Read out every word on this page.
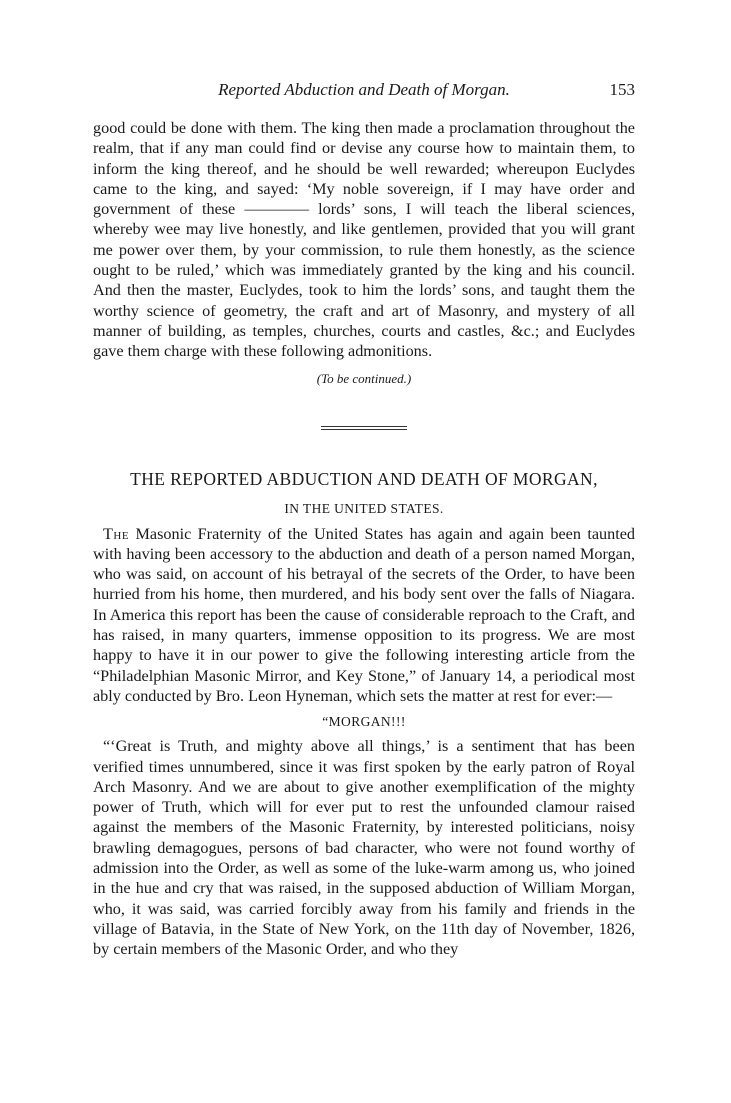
Reported Abduction and Death of Morgan.	153

good could be done with them. The king then made a proclamation throughout the realm, that if any man could find or devise any course how to maintain them, to inform the king thereof, and he should be well rewarded; whereupon Euclydes came to the king, and sayed: ‘My noble sovereign, if I may have order and government of these ———— lords’ sons, I will teach the liberal sciences, whereby wee may live honestly, and like gentlemen, provided that you will grant me power over them, by your commission, to rule them honestly, as the science ought to be ruled,’ which was immediately granted by the king and his council. And then the master, Euclydes, took to him the lords’ sons, and taught them the worthy science of geometry, the craft and art of Masonry, and mystery of all manner of building, as temples, churches, courts and castles, &c.; and Euclydes gave them charge with these following admonitions.

(To be continued.)
THE REPORTED ABDUCTION AND DEATH OF MORGAN,
IN THE UNITED STATES.

The Masonic Fraternity of the United States has again and again been taunted with having been accessory to the abduction and death of a person named Morgan, who was said, on account of his betrayal of the secrets of the Order, to have been hurried from his home, then murdered, and his body sent over the falls of Niagara. In America this report has been the cause of considerable reproach to the Craft, and has raised, in many quarters, immense opposition to its progress. We are most happy to have it in our power to give the following interesting article from the “Philadelphian Masonic Mirror, and Key Stone,” of January 14, a periodical most ably conducted by Bro. Leon Hyneman, which sets the matter at rest for ever:—

“MORGAN!!!

“‘Great is Truth, and mighty above all things,’ is a sentiment that has been verified times unnumbered, since it was first spoken by the early patron of Royal Arch Masonry. And we are about to give another exemplification of the mighty power of Truth, which will for ever put to rest the unfounded clamour raised against the members of the Masonic Fraternity, by interested politicians, noisy brawling demagogues, persons of bad character, who were not found worthy of admission into the Order, as well as some of the luke-warm among us, who joined in the hue and cry that was raised, in the supposed abduction of William Morgan, who, it was said, was carried forcibly away from his family and friends in the village of Batavia, in the State of New York, on the 11th day of November, 1826, by certain members of the Masonic Order, and who they
